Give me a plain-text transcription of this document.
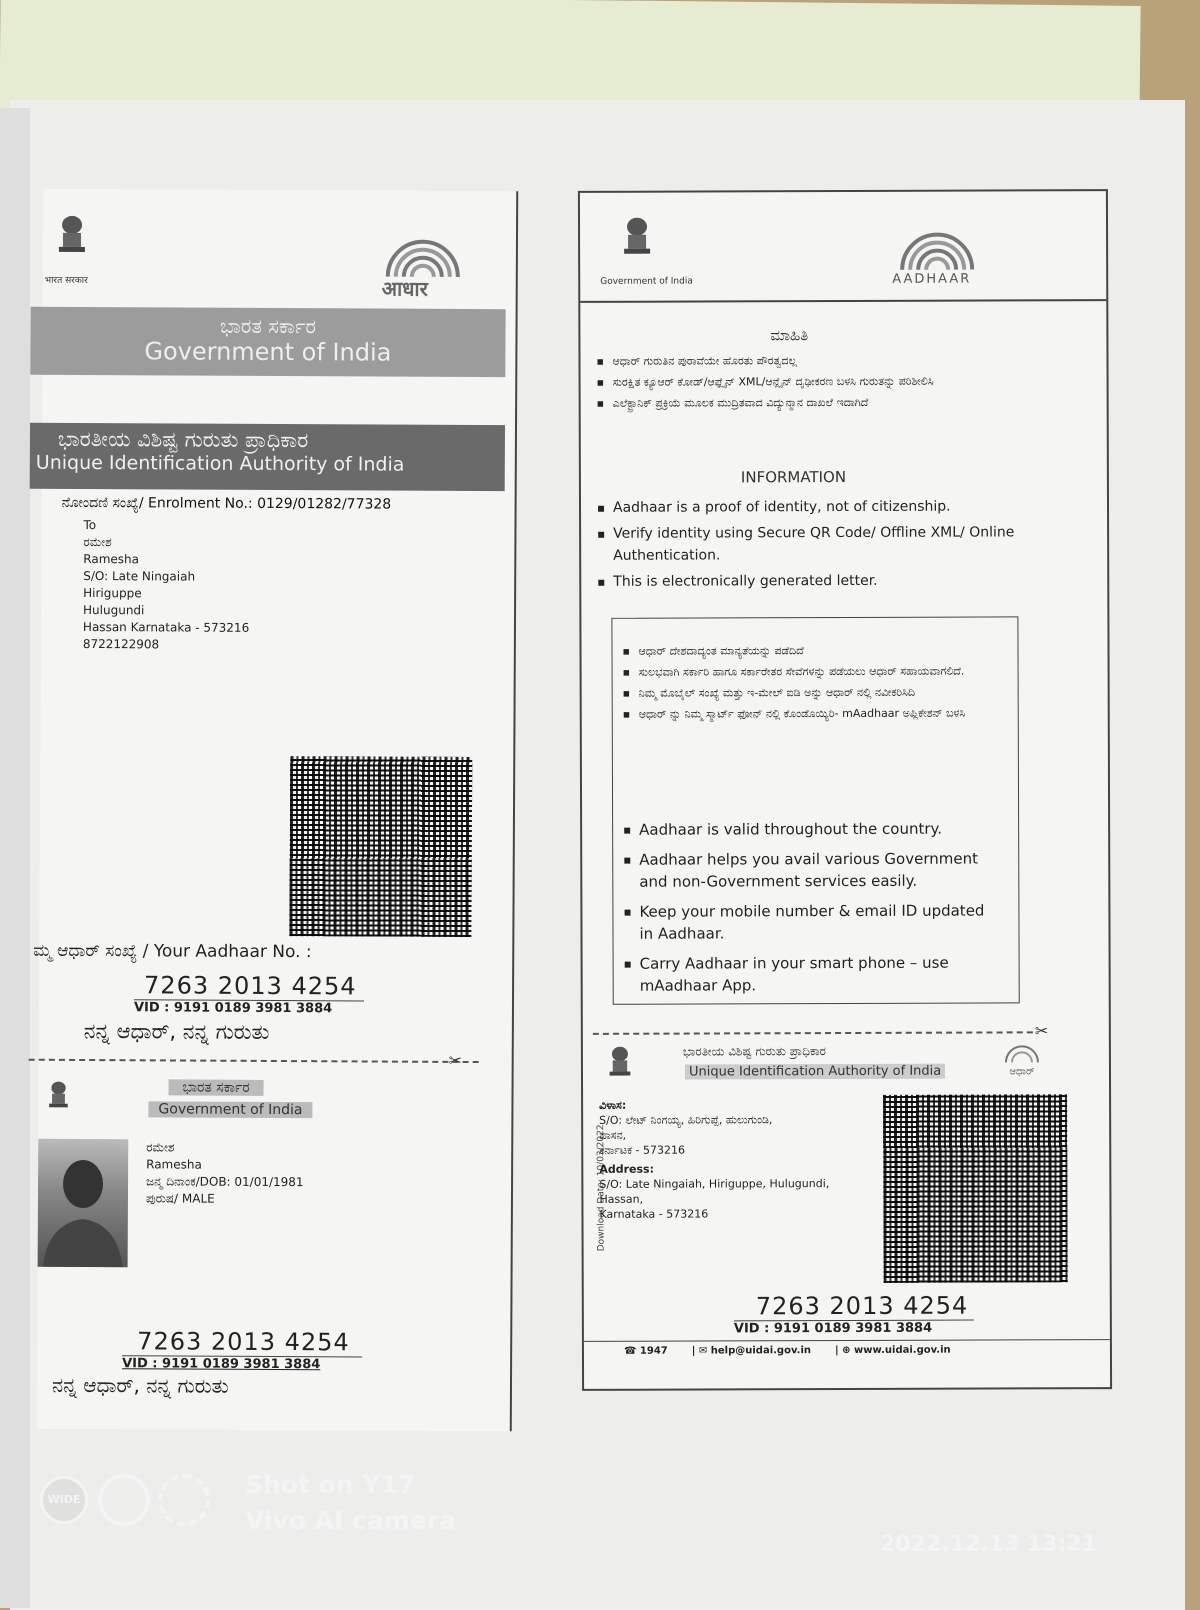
भारत सरकार	आधार
ಭಾರತ ಸರ್ಕಾರ
Government of India
ಭಾರತೀಯ ವಿಶಿಷ್ಟ ಗುರುತು ಪ್ರಾಧಿಕಾರ
Unique Identification Authority of India
ನೋಂದಣಿ ಸಂಖ್ಯೆ/ Enrolment No.: 0129/01282/77328
To
ರಮೇಶ
Ramesha
S/O: Late Ningaiah
Hiriguppe
Hulugundi
Hassan Karnataka - 573216
8722122908
ಮ್ಮ ಆಧಾರ್ ಸಂಖ್ಯೆ / Your Aadhaar No. :
7263 2013 4254
VID : 9191 0189 3981 3884
ನನ್ನ ಆಧಾರ್, ನನ್ನ ಗುರುತು
✂
ಭಾರತ ಸರ್ಕಾರ
Government of India
ರಮೇಶ
Ramesha
ಜನ್ಮ ದಿನಾಂಕ/DOB: 01/01/1981
ಪುರುಷ/ MALE
7263 2013 4254
VID : 9191 0189 3981 3884
ನನ್ನ ಆಧಾರ್, ನನ್ನ ಗುರುತು
Government of India	AADHAAR
ಮಾಹಿತಿ
▪ ಆಧಾರ್ ಗುರುತಿನ ಪುರಾವೆಯೇ ಹೊರತು ಪೌರತ್ವದಲ್ಲ
▪ ಸುರಕ್ಷಿತ ಕ್ಯೂಆರ್ ಕೋಡ್/ಆಫ್ಲೈನ್ XML/ಆನ್ಲೈನ್ ದೃಢೀಕರಣ ಬಳಸಿ ಗುರುತನ್ನು ಪರಿಶೀಲಿಸಿ
▪ ಎಲೆಕ್ಟ್ರಾನಿಕ್ ಪ್ರಕ್ರಿಯೆ ಮೂಲಕ ಮುದ್ರಿತವಾದ ವಿದ್ಯುನ್ಮಾನ ದಾಖಲೆ ಇದಾಗಿದೆ
INFORMATION
▪ Aadhaar is a proof of identity, not of citizenship.
▪ Verify identity using Secure QR Code/ Offline XML/ Online Authentication.
▪ This is electronically generated letter.
▪ ಆಧಾರ್ ದೇಶದಾದ್ಯಂತ ಮಾನ್ಯತೆಯನ್ನು ಪಡೆದಿದೆ
▪ ಸುಲಭವಾಗಿ ಸರ್ಕಾರಿ ಹಾಗೂ ಸರ್ಕಾರೇತರ ಸೇವೆಗಳನ್ನು ಪಡೆಯಲು ಆಧಾರ್ ಸಹಾಯವಾಗಲಿದೆ.
▪ ನಿಮ್ಮ ಮೊಬೈಲ್ ಸಂಖ್ಯೆ ಮತ್ತು ಇ-ಮೇಲ್ ಐಡಿ ಅನ್ನು ಆಧಾರ್ ನಲ್ಲಿ ನವೀಕರಿಸಿದಿ
▪ ಆಧಾರ್ ನ್ನು ನಿಮ್ಮ ಸ್ಮಾರ್ಟ್ ಫೋನ್ ನಲ್ಲಿ ಕೊಂಡೊಯ್ಯಿರಿ- mAadhaar ಅಪ್ಲಿಕೇಶನ್ ಬಳಸಿ
▪ Aadhaar is valid throughout the country.
▪ Aadhaar helps you avail various Government and non-Government services easily.
▪ Keep your mobile number & email ID updated in Aadhaar.
▪ Carry Aadhaar in your smart phone – use mAadhaar App.
✂
ಭಾರತೀಯ ವಿಶಿಷ್ಟ ಗುರುತು ಪ್ರಾಧಿಕಾರ
Unique Identification Authority of India	ಆಧಾರ್
Download Date: 10/03/2022
ವಿಳಾಸ:
S/O: ಲೇಟ್ ನಿಂಗಯ್ಯ, ಹಿರಿಗುಪ್ಪೆ, ಹುಲುಗುಂಡಿ,
ಹಾಸನ,
ಕರ್ನಾಟಕ - 573216
Address:
S/O: Late Ningaiah, Hiriguppe, Hulugundi,
Hassan,
Karnataka - 573216
7263 2013 4254
VID : 9191 0189 3981 3884
☎ 1947 | ✉ help@uidai.gov.in | ⊕ www.uidai.gov.in
WIDE
Shot on Y17
Vivo AI camera
2022.12.13 13:21
